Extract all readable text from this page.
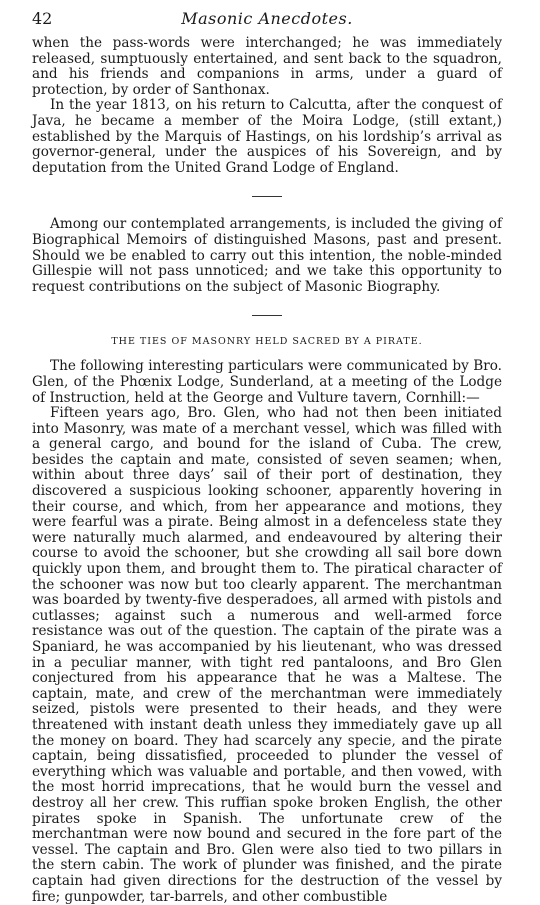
42	Masonic Anecdotes.

when the pass-words were interchanged; he was immediately released, sumptuously entertained, and sent back to the squadron, and his friends and companions in arms, under a guard of protection, by order of Santhonax.

In the year 1813, on his return to Calcutta, after the conquest of Java, he became a member of the Moira Lodge, (still extant,) established by the Marquis of Hastings, on his lordship’s arrival as governor-general, under the auspices of his Sovereign, and by deputation from the United Grand Lodge of England.

Among our contemplated arrangements, is included the giving of Biographical Memoirs of distinguished Masons, past and present. Should we be enabled to carry out this intention, the noble-minded Gillespie will not pass unnoticed; and we take this opportunity to request contributions on the subject of Masonic Biography.

THE TIES OF MASONRY HELD SACRED BY A PIRATE.

The following interesting particulars were communicated by Bro. Glen, of the Phœnix Lodge, Sunderland, at a meeting of the Lodge of Instruction, held at the George and Vulture tavern, Cornhill:—

Fifteen years ago, Bro. Glen, who had not then been initiated into Masonry, was mate of a merchant vessel, which was filled with a general cargo, and bound for the island of Cuba. The crew, besides the captain and mate, consisted of seven seamen; when, within about three days’ sail of their port of destination, they discovered a suspicious looking schooner, apparently hovering in their course, and which, from her appearance and motions, they were fearful was a pirate. Being almost in a defenceless state they were naturally much alarmed, and endeavoured by altering their course to avoid the schooner, but she crowding all sail bore down quickly upon them, and brought them to. The piratical character of the schooner was now but too clearly apparent. The merchantman was boarded by twenty-five desperadoes, all armed with pistols and cutlasses; against such a numerous and well-armed force resistance was out of the question. The captain of the pirate was a Spaniard, he was accompanied by his lieutenant, who was dressed in a peculiar manner, with tight red pantaloons, and Bro Glen conjectured from his appearance that he was a Maltese. The captain, mate, and crew of the merchantman were immediately seized, pistols were presented to their heads, and they were threatened with instant death unless they immediately gave up all the money on board. They had scarcely any specie, and the pirate captain, being dissatisfied, proceeded to plunder the vessel of everything which was valuable and portable, and then vowed, with the most horrid imprecations, that he would burn the vessel and destroy all her crew. This ruffian spoke broken English, the other pirates spoke in Spanish. The unfortunate crew of the merchantman were now bound and secured in the fore part of the vessel. The captain and Bro. Glen were also tied to two pillars in the stern cabin. The work of plunder was finished, and the pirate captain had given directions for the destruction of the vessel by fire; gunpowder, tar-barrels, and other combustible
